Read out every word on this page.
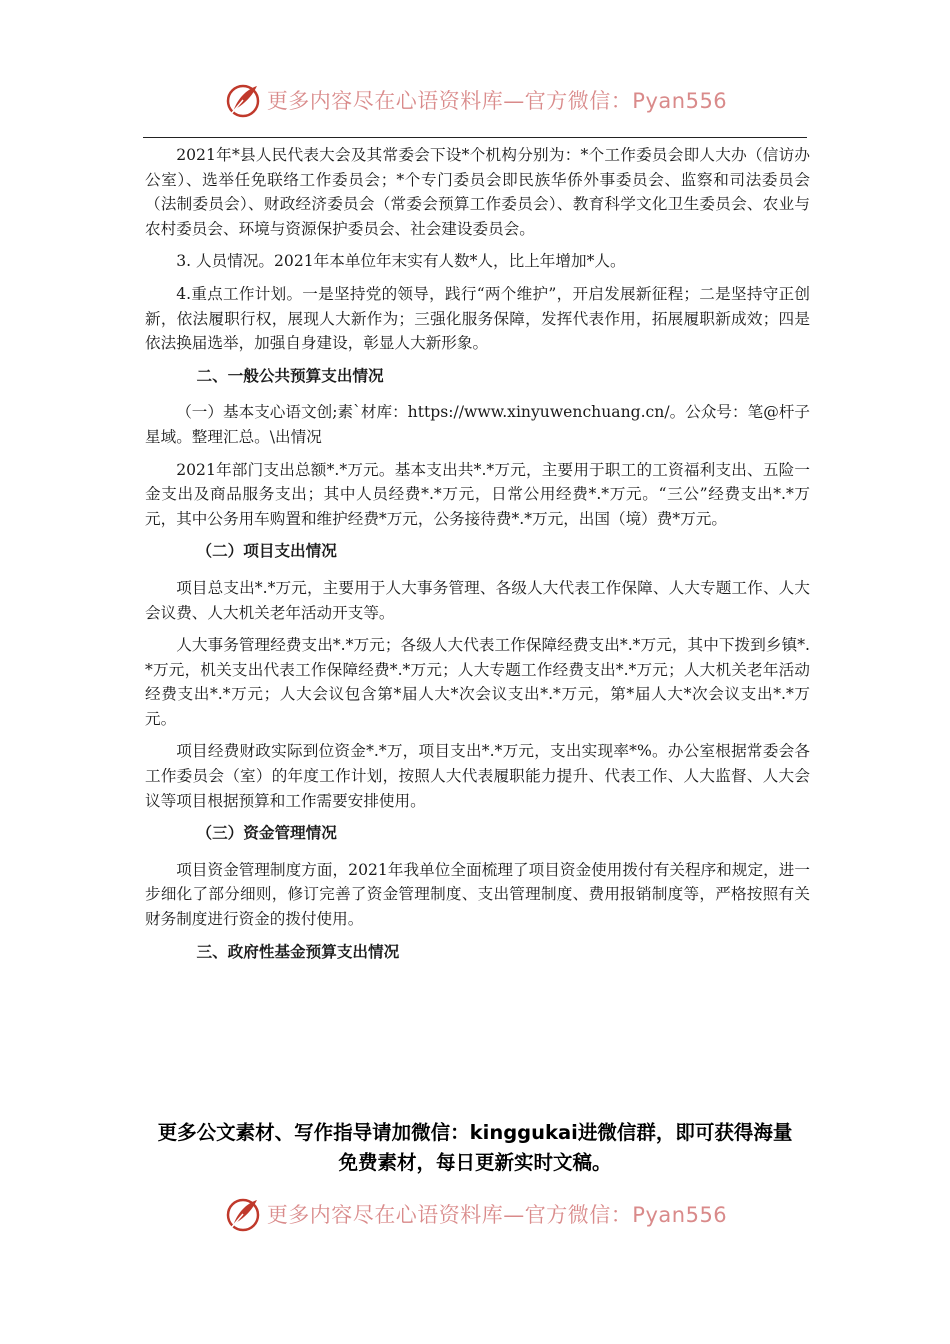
更多内容尽在心语资料库—官方微信：Pyan556

2021年*县人民代表大会及其常委会下设*个机构分别为：*个工作委员会即人大办（信访办公室）、选举任免联络工作委员会；*个专门委员会即民族华侨外事委员会、监察和司法委员会（法制委员会）、财政经济委员会（常委会预算工作委员会）、教育科学文化卫生委员会、农业与农村委员会、环境与资源保护委员会、社会建设委员会。

3. 人员情况。2021年本单位年末实有人数*人，比上年增加*人。

4.重点工作计划。一是坚持党的领导，践行“两个维护”，开启发展新征程；二是坚持守正创新，依法履职行权，展现人大新作为；三强化服务保障，发挥代表作用，拓展履职新成效；四是依法换届选举，加强自身建设，彰显人大新形象。

二、一般公共预算支出情况

（一）基本支心语文创;素`材库：https://www.xinyuwenchuang.cn/。公众号：笔@杆子星域。整理汇总。\出情况

2021年部门支出总额*.*万元。基本支出共*.*万元，主要用于职工的工资福利支出、五险一金支出及商品服务支出；其中人员经费*.*万元，日常公用经费*.*万元。“三公”经费支出*.*万元，其中公务用车购置和维护经费*万元，公务接待费*.*万元，出国（境）费*万元。

（二）项目支出情况

项目总支出*.*万元，主要用于人大事务管理、各级人大代表工作保障、人大专题工作、人大会议费、人大机关老年活动开支等。

人大事务管理经费支出*.*万元；各级人大代表工作保障经费支出*.*万元，其中下拨到乡镇*.*万元，机关支出代表工作保障经费*.*万元；人大专题工作经费支出*.*万元；人大机关老年活动经费支出*.*万元；人大会议包含第*届人大*次会议支出*.*万元，第*届人大*次会议支出*.*万元。

项目经费财政实际到位资金*.*万，项目支出*.*万元，支出实现率*%。办公室根据常委会各工作委员会（室）的年度工作计划，按照人大代表履职能力提升、代表工作、人大监督、人大会议等项目根据预算和工作需要安排使用。

（三）资金管理情况

项目资金管理制度方面，2021年我单位全面梳理了项目资金使用拨付有关程序和规定，进一步细化了部分细则，修订完善了资金管理制度、支出管理制度、费用报销制度等，严格按照有关财务制度进行资金的拨付使用。

三、政府性基金预算支出情况

更多公文素材、写作指导请加微信：kinggukai进微信群，即可获得海量免费素材，每日更新实时文稿。
更多内容尽在心语资料库—官方微信：Pyan556
